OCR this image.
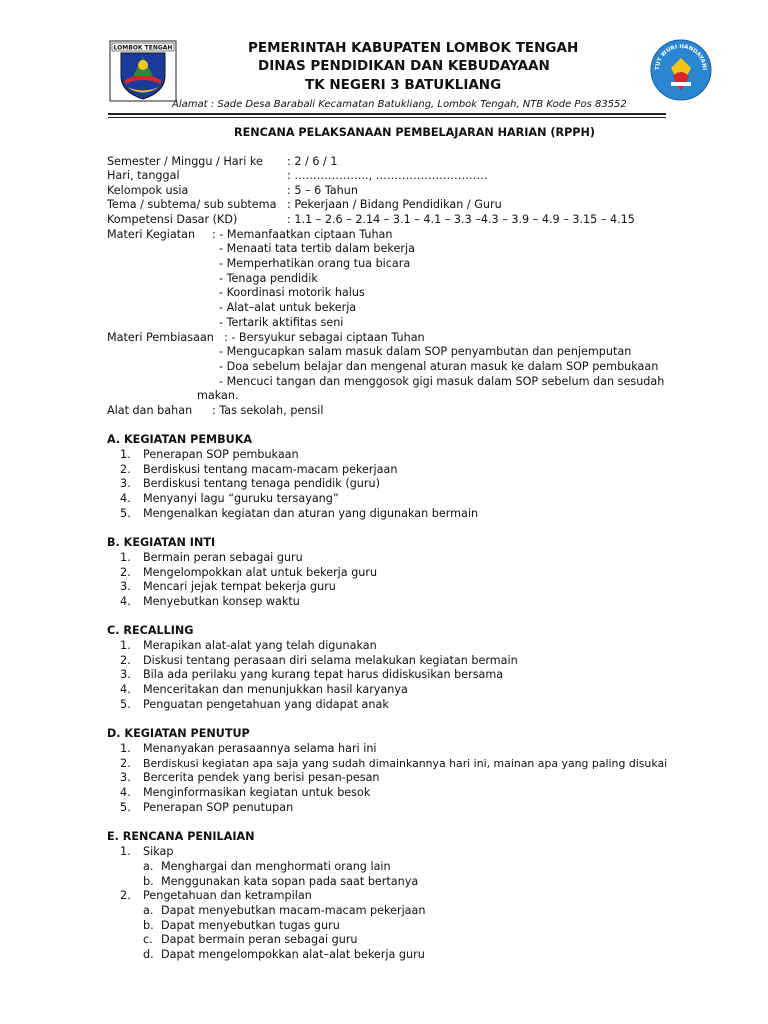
LOMBOK TENGAH
TUT WURI HANDAYANI
PEMERINTAH KABUPATEN LOMBOK TENGAH
DINAS PENDIDIKAN DAN KEBUDAYAAN
TK NEGERI 3 BATUKLIANG
Alamat : Sade Desa Barabali Kecamatan Batukliang, Lombok Tengah, NTB Kode Pos 83552
RENCANA PELAKSANAAN PEMBELAJARAN HARIAN (RPPH)
Semester / Minggu / Hari ke : 2 / 6 / 1
Hari, tanggal	: ……………….., …………………………
Kelompok usia	: 5 – 6 Tahun
Tema / subtema/ sub subtema : Pekerjaan / Bidang Pendidikan / Guru
Kompetensi Dasar (KD)	: 1.1 – 2.6 – 2.14 – 3.1 – 4.1 – 3.3 –4.3 – 3.9 – 4.9 – 3.15 – 4.15
Materi Kegiatan : - Memanfaatkan ciptaan Tuhan
- Menaati tata tertib dalam bekerja
- Memperhatikan orang tua bicara
- Tenaga pendidik
- Koordinasi motorik halus
- Alat–alat untuk bekerja
- Tertarik aktifitas seni
Materi Pembiasaan : - Bersyukur sebagai ciptaan Tuhan
- Mengucapkan salam masuk dalam SOP penyambutan dan penjemputan
- Doa sebelum belajar dan mengenal aturan masuk ke dalam SOP pembukaan
- Mencuci tangan dan menggosok gigi masuk dalam SOP sebelum dan sesudah
makan.
Alat dan bahan : Tas sekolah, pensil
A. KEGIATAN PEMBUKA
1. Penerapan SOP pembukaan
2. Berdiskusi tentang macam-macam pekerjaan
3. Berdiskusi tentang tenaga pendidik (guru)
4. Menyanyi lagu “guruku tersayang”
5. Mengenalkan kegiatan dan aturan yang digunakan bermain
B. KEGIATAN INTI
1. Bermain peran sebagai guru
2. Mengelompokkan alat untuk bekerja guru
3. Mencari jejak tempat bekerja guru
4. Menyebutkan konsep waktu
C. RECALLING
1. Merapikan alat-alat yang telah digunakan
2. Diskusi tentang perasaan diri selama melakukan kegiatan bermain
3. Bila ada perilaku yang kurang tepat harus didiskusikan bersama
4. Menceritakan dan menunjukkan hasil karyanya
5. Penguatan pengetahuan yang didapat anak
D. KEGIATAN PENUTUP
1. Menanyakan perasaannya selama hari ini
2. Berdiskusi kegiatan apa saja yang sudah dimainkannya hari ini, mainan apa yang paling disukai
3. Bercerita pendek yang berisi pesan-pesan
4. Menginformasikan kegiatan untuk besok
5. Penerapan SOP penutupan
E. RENCANA PENILAIAN
1. Sikap
a. Menghargai dan menghormati orang lain
b. Menggunakan kata sopan pada saat bertanya
2. Pengetahuan dan ketrampilan
a. Dapat menyebutkan macam-macam pekerjaan
b. Dapat menyebutkan tugas guru
c. Dapat bermain peran sebagai guru
d. Dapat mengelompokkan alat–alat bekerja guru
